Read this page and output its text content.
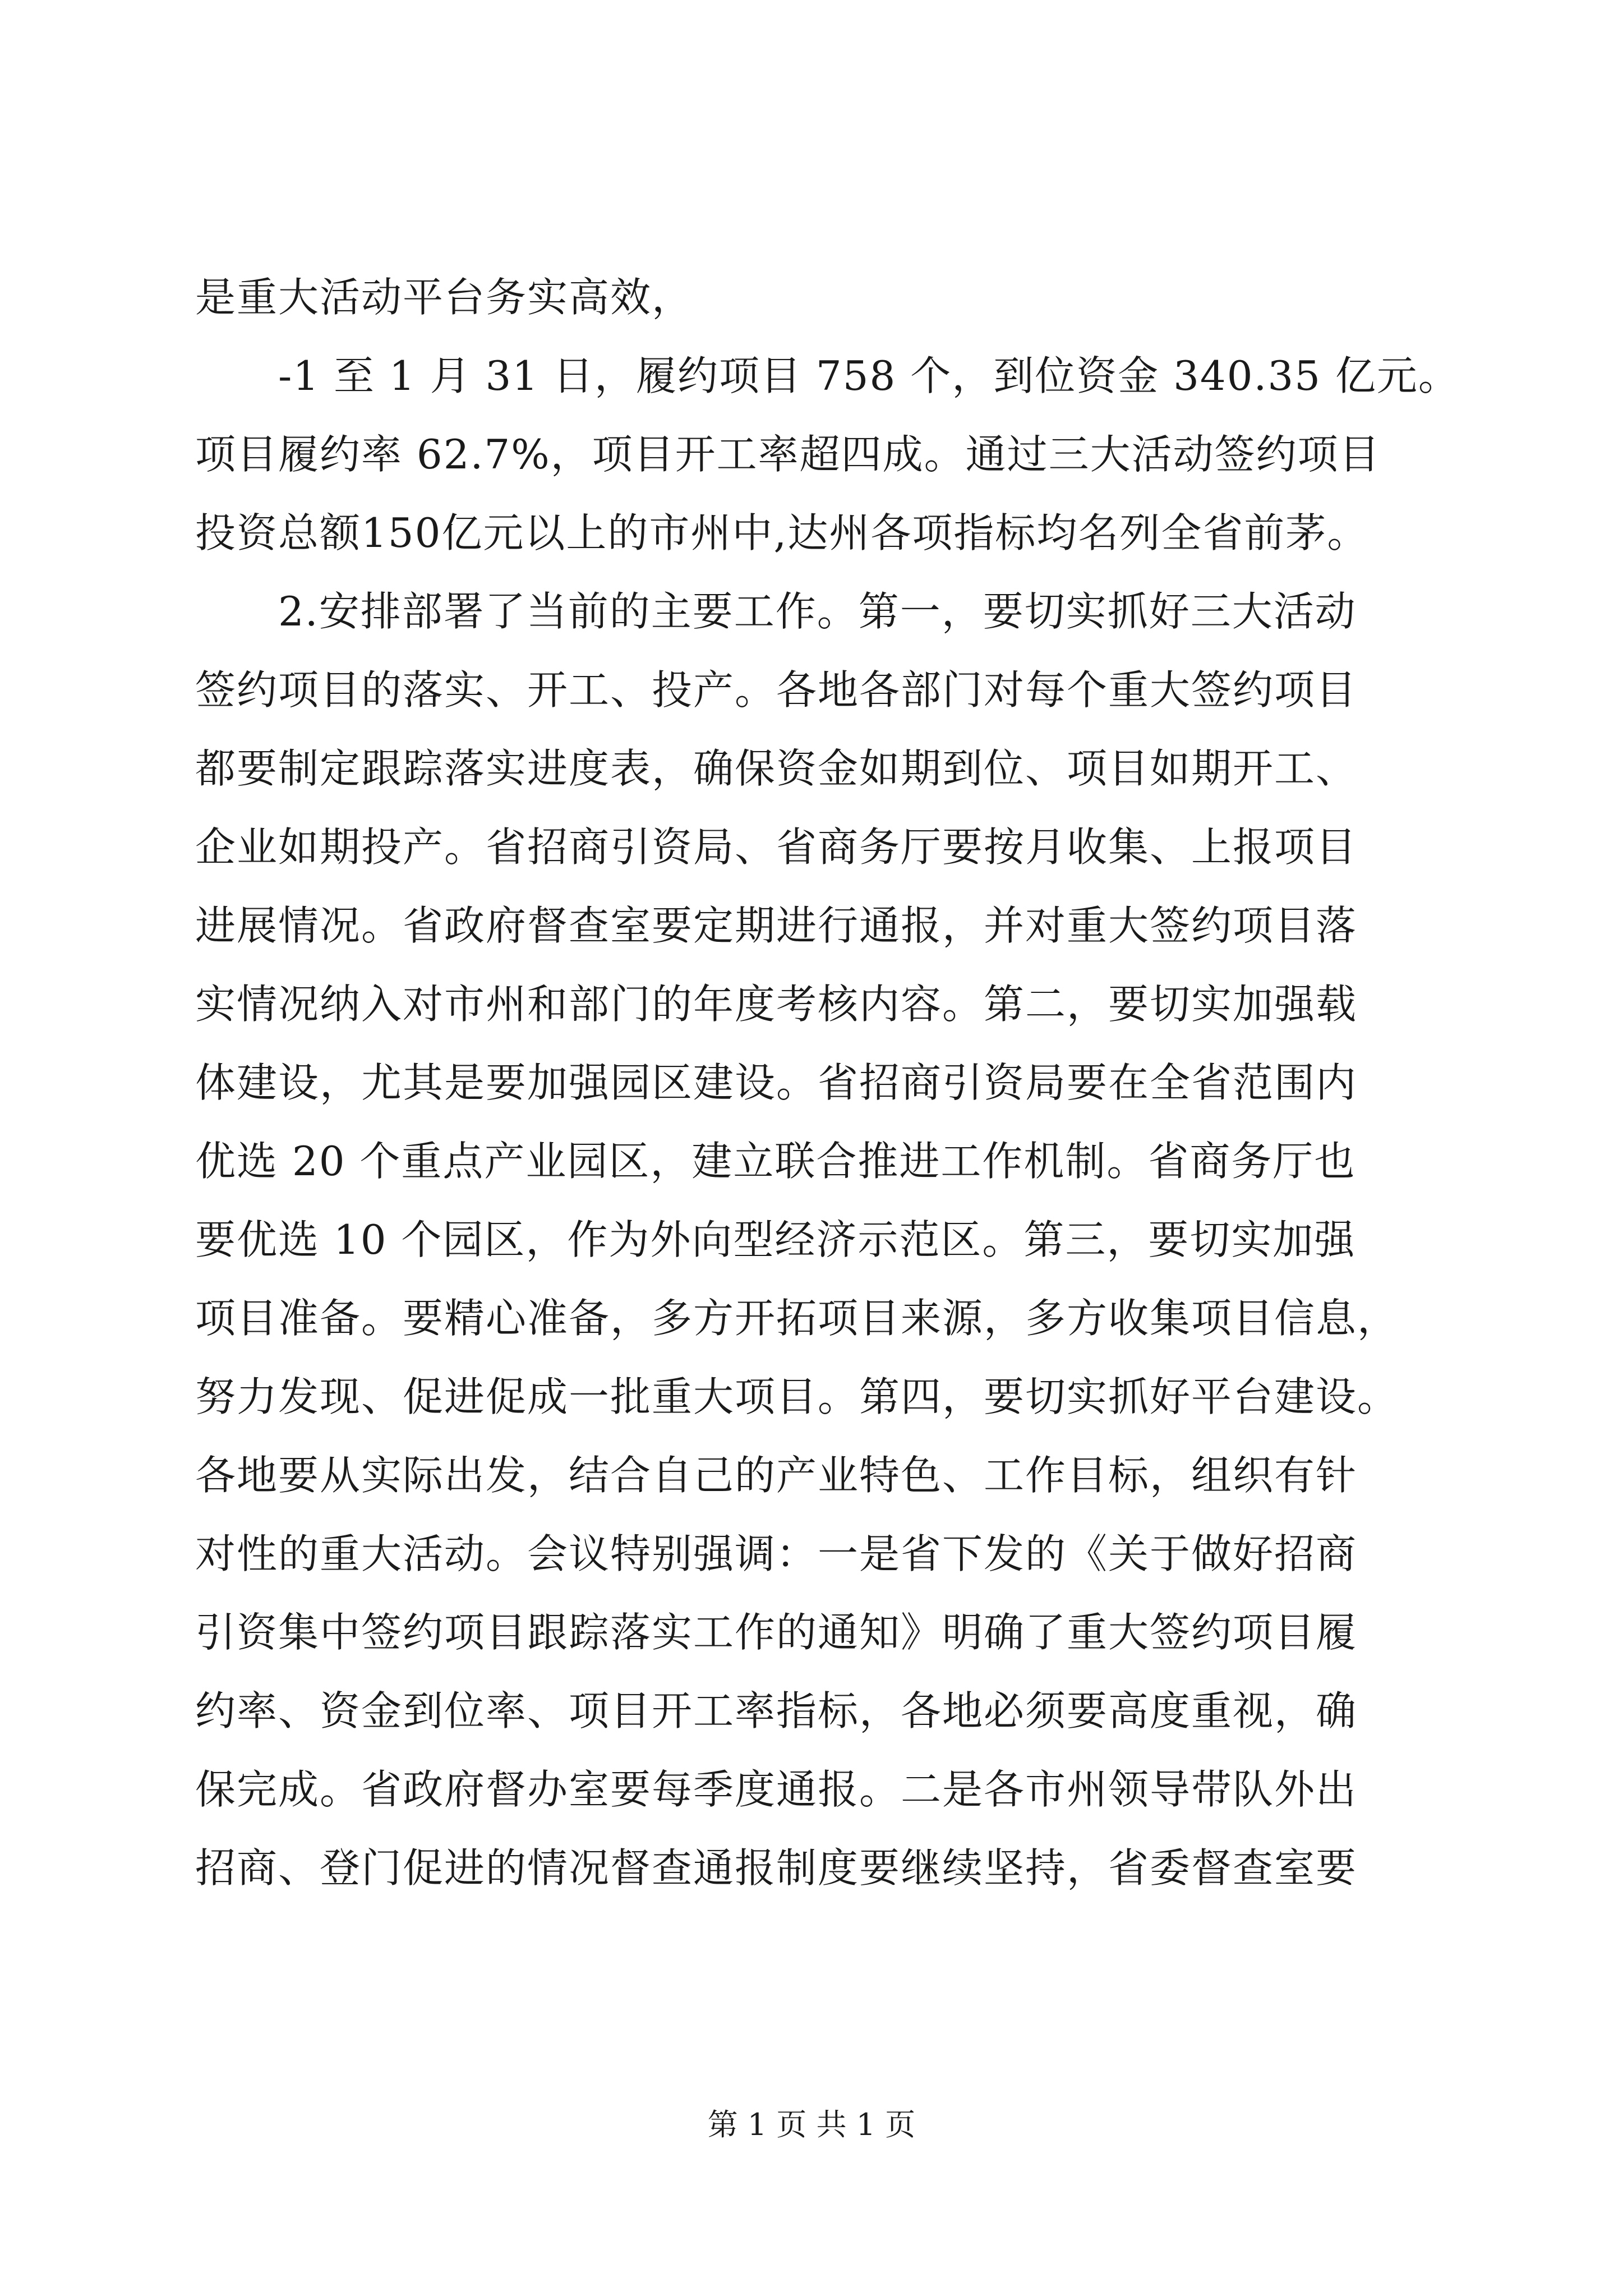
是重大活动平台务实高效，
-1 至 1 月 31 日，履约项目 758 个，到位资金 340.35 亿元。
项目履约率 62.7%，项目开工率超四成。通过三大活动签约项目
投资总额150亿元以上的市州中,达州各项指标均名列全省前茅。
2.安排部署了当前的主要工作。第一，要切实抓好三大活动
签约项目的落实、开工、投产。各地各部门对每个重大签约项目
都要制定跟踪落实进度表，确保资金如期到位、项目如期开工、
企业如期投产。省招商引资局、省商务厅要按月收集、上报项目
进展情况。省政府督查室要定期进行通报，并对重大签约项目落
实情况纳入对市州和部门的年度考核内容。第二，要切实加强载
体建设，尤其是要加强园区建设。省招商引资局要在全省范围内
优选 20 个重点产业园区，建立联合推进工作机制。省商务厅也
要优选 10 个园区，作为外向型经济示范区。第三，要切实加强
项目准备。要精心准备，多方开拓项目来源，多方收集项目信息，
努力发现、促进促成一批重大项目。第四，要切实抓好平台建设。
各地要从实际出发，结合自己的产业特色、工作目标，组织有针
对性的重大活动。会议特别强调：一是省下发的《关于做好招商
引资集中签约项目跟踪落实工作的通知》明确了重大签约项目履
约率、资金到位率、项目开工率指标，各地必须要高度重视，确
保完成。省政府督办室要每季度通报。二是各市州领导带队外出
招商、登门促进的情况督查通报制度要继续坚持，省委督查室要
第 1 页 共 1 页
